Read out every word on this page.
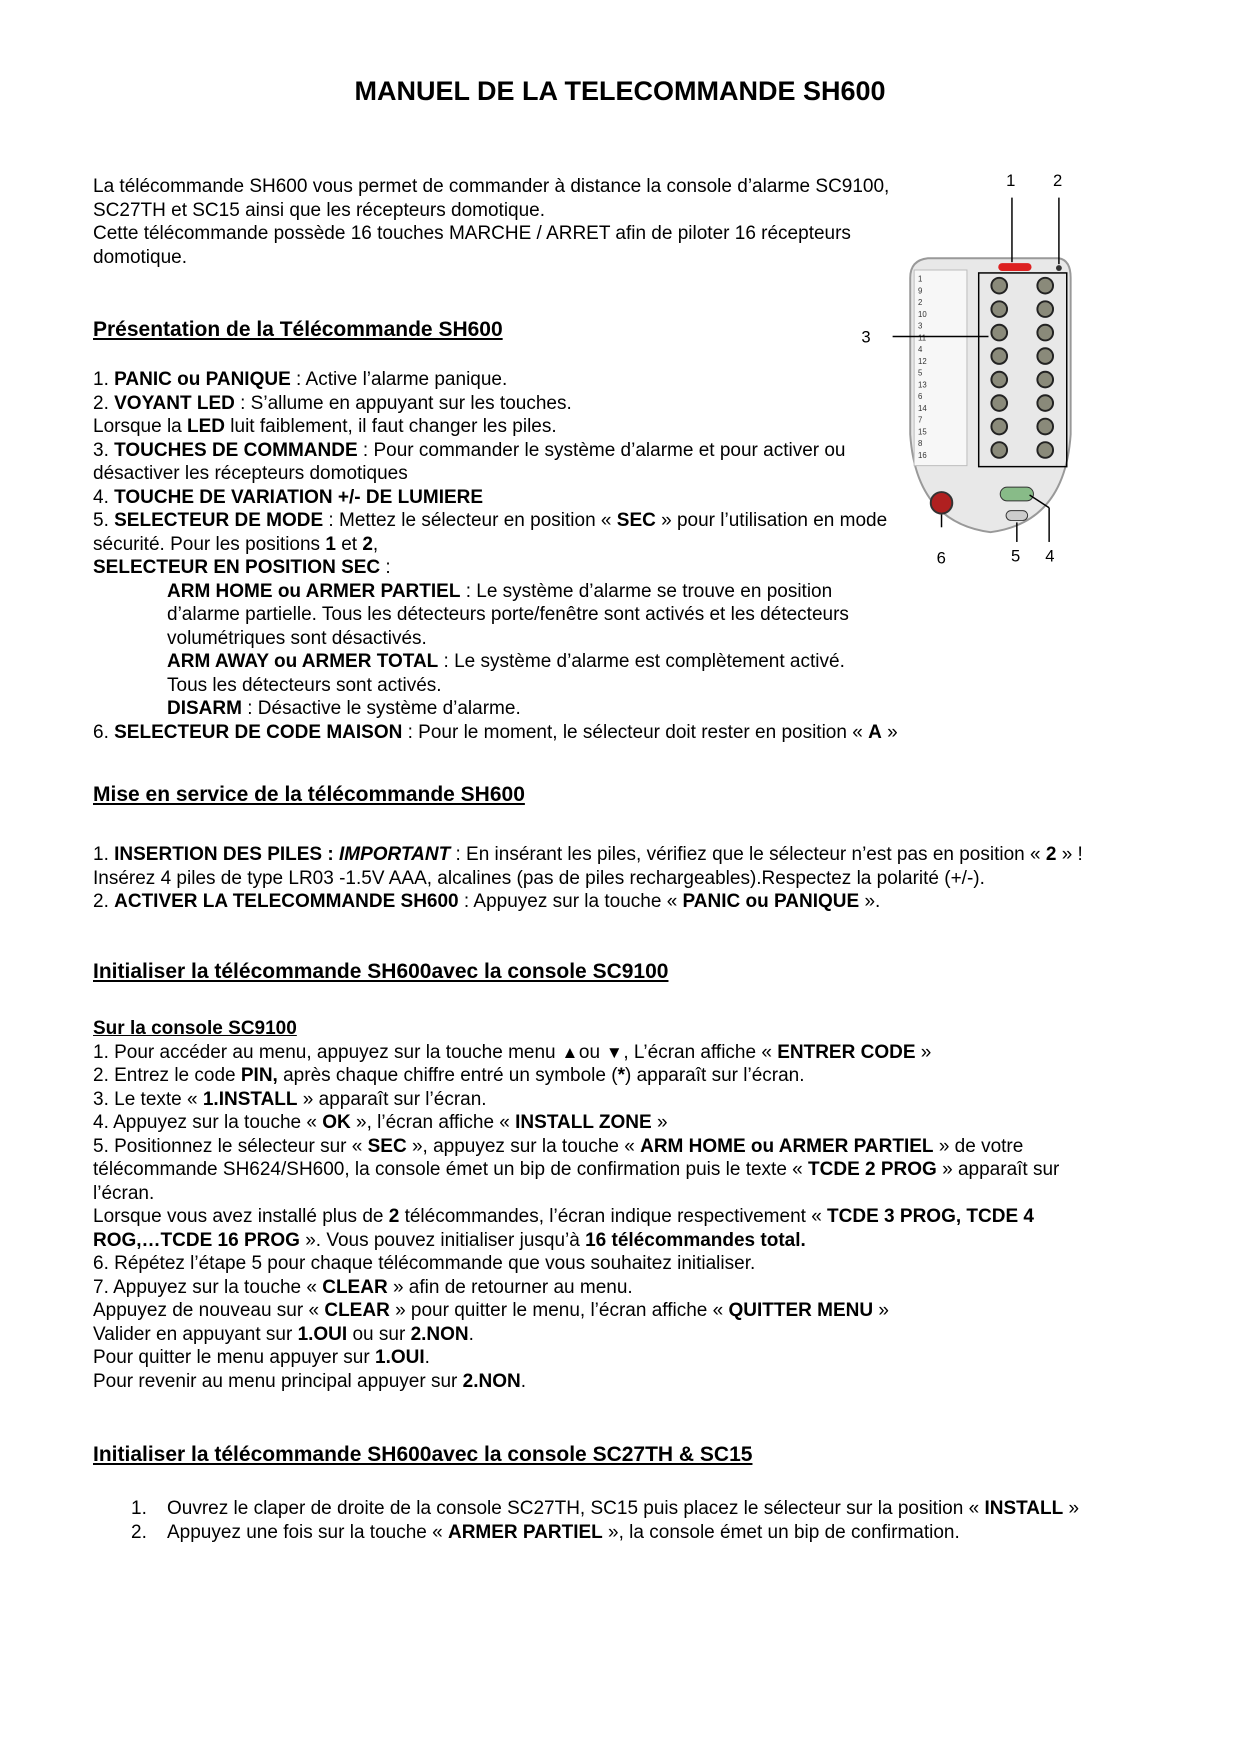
MANUEL DE LA TELECOMMANDE SH600

La télécommande SH600 vous permet de commander à distance la console d’alarme SC9100,

SC27TH et SC15 ainsi que les récepteurs domotique.

Cette télécommande possède 16 touches MARCHE / ARRET afin de piloter 16 récepteurs

domotique.

Présentation de la Télécommande SH600

1. PANIC ou PANIQUE : Active l’alarme panique.

2. VOYANT LED : S’allume en appuyant sur les touches.

Lorsque la LED luit faiblement, il faut changer les piles.

3. TOUCHES DE COMMANDE : Pour commander le système d’alarme et pour activer ou

désactiver les récepteurs domotiques

4. TOUCHE DE VARIATION +/- DE LUMIERE

5. SELECTEUR DE MODE : Mettez le sélecteur en position « SEC » pour l’utilisation en mode

sécurité. Pour les positions 1 et 2,

SELECTEUR EN POSITION SEC :

ARM HOME ou ARMER PARTIEL : Le système d’alarme se trouve en position

d’alarme partielle. Tous les détecteurs porte/fenêtre sont activés et les détecteurs

volumétriques sont désactivés.

ARM AWAY ou ARMER TOTAL : Le système d’alarme est complètement activé.

Tous les détecteurs sont activés.

DISARM : Désactive le système d’alarme.

6. SELECTEUR DE CODE MAISON : Pour le moment, le sélecteur doit rester en position « A »

1
9
2
10
3
11
4
12
5
13
6
14
7
15
8
16
1 2
3
4
5
6
Mise en service de la télécommande SH600

1. INSERTION DES PILES : IMPORTANT : En insérant les piles, vérifiez que le sélecteur n’est pas en position « 2 » !

Insérez 4 piles de type LR03 -1.5V AAA, alcalines (pas de piles rechargeables).Respectez la polarité (+/-).

2. ACTIVER LA TELECOMMANDE SH600 : Appuyez sur la touche « PANIC ou PANIQUE ».

Initialiser la télécommande SH600avec la console SC9100

Sur la console SC9100

1. Pour accéder au menu, appuyez sur la touche menu ▲ou ▼, L’écran affiche « ENTRER CODE »

2. Entrez le code PIN, après chaque chiffre entré un symbole (*) apparaît sur l’écran.

3. Le texte « 1.INSTALL » apparaît sur l’écran.

4. Appuyez sur la touche « OK », l’écran affiche « INSTALL ZONE »

5. Positionnez le sélecteur sur « SEC », appuyez sur la touche « ARM HOME ou ARMER PARTIEL » de votre

télécommande SH624/SH600, la console émet un bip de confirmation puis le texte « TCDE 2 PROG » apparaît sur

l’écran.

Lorsque vous avez installé plus de 2 télécommandes, l’écran indique respectivement « TCDE 3 PROG, TCDE 4

ROG,…TCDE 16 PROG ». Vous pouvez initialiser jusqu’à 16 télécommandes total.

6. Répétez l’étape 5 pour chaque télécommande que vous souhaitez initialiser.

7. Appuyez sur la touche « CLEAR » afin de retourner au menu.

Appuyez de nouveau sur « CLEAR » pour quitter le menu, l’écran affiche « QUITTER MENU »

Valider en appuyant sur 1.OUI ou sur 2.NON.

Pour quitter le menu appuyer sur 1.OUI.

Pour revenir au menu principal appuyer sur 2.NON.

Initialiser la télécommande SH600avec la console SC27TH & SC15

1.	Ouvrez le claper de droite de la console SC27TH, SC15 puis placez le sélecteur sur la position « INSTALL »

2.	Appuyez une fois sur la touche « ARMER PARTIEL », la console émet un bip de confirmation.
